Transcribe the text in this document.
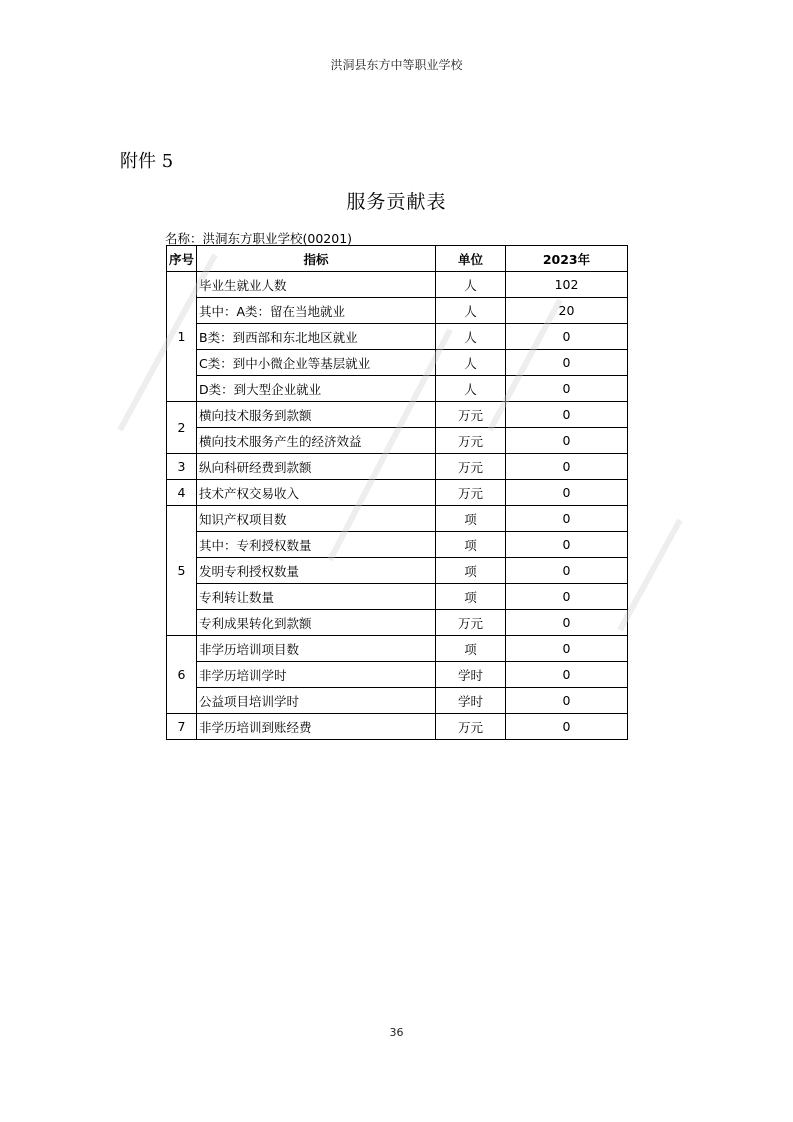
洪洞县东方中等职业学校
附件 5
服务贡献表
名称：洪洞东方职业学校(00201)
序号	指标	单位	2023年
1	毕业生就业人数	人	102
	其中：A类：留在当地就业	人	20
	B类：到西部和东北地区就业	人	0
	C类：到中小微企业等基层就业	人	0
	D类：到大型企业就业	人	0
2	横向技术服务到款额	万元	0
	横向技术服务产生的经济效益	万元	0
3	纵向科研经费到款额	万元	0
4	技术产权交易收入	万元	0
5	知识产权项目数	项	0
	其中：专利授权数量	项	0
	发明专利授权数量	项	0
	专利转让数量	项	0
	专利成果转化到款额	万元	0
6	非学历培训项目数	项	0
	非学历培训学时	学时	0
	公益项目培训学时	学时	0
7	非学历培训到账经费	万元	0
36
